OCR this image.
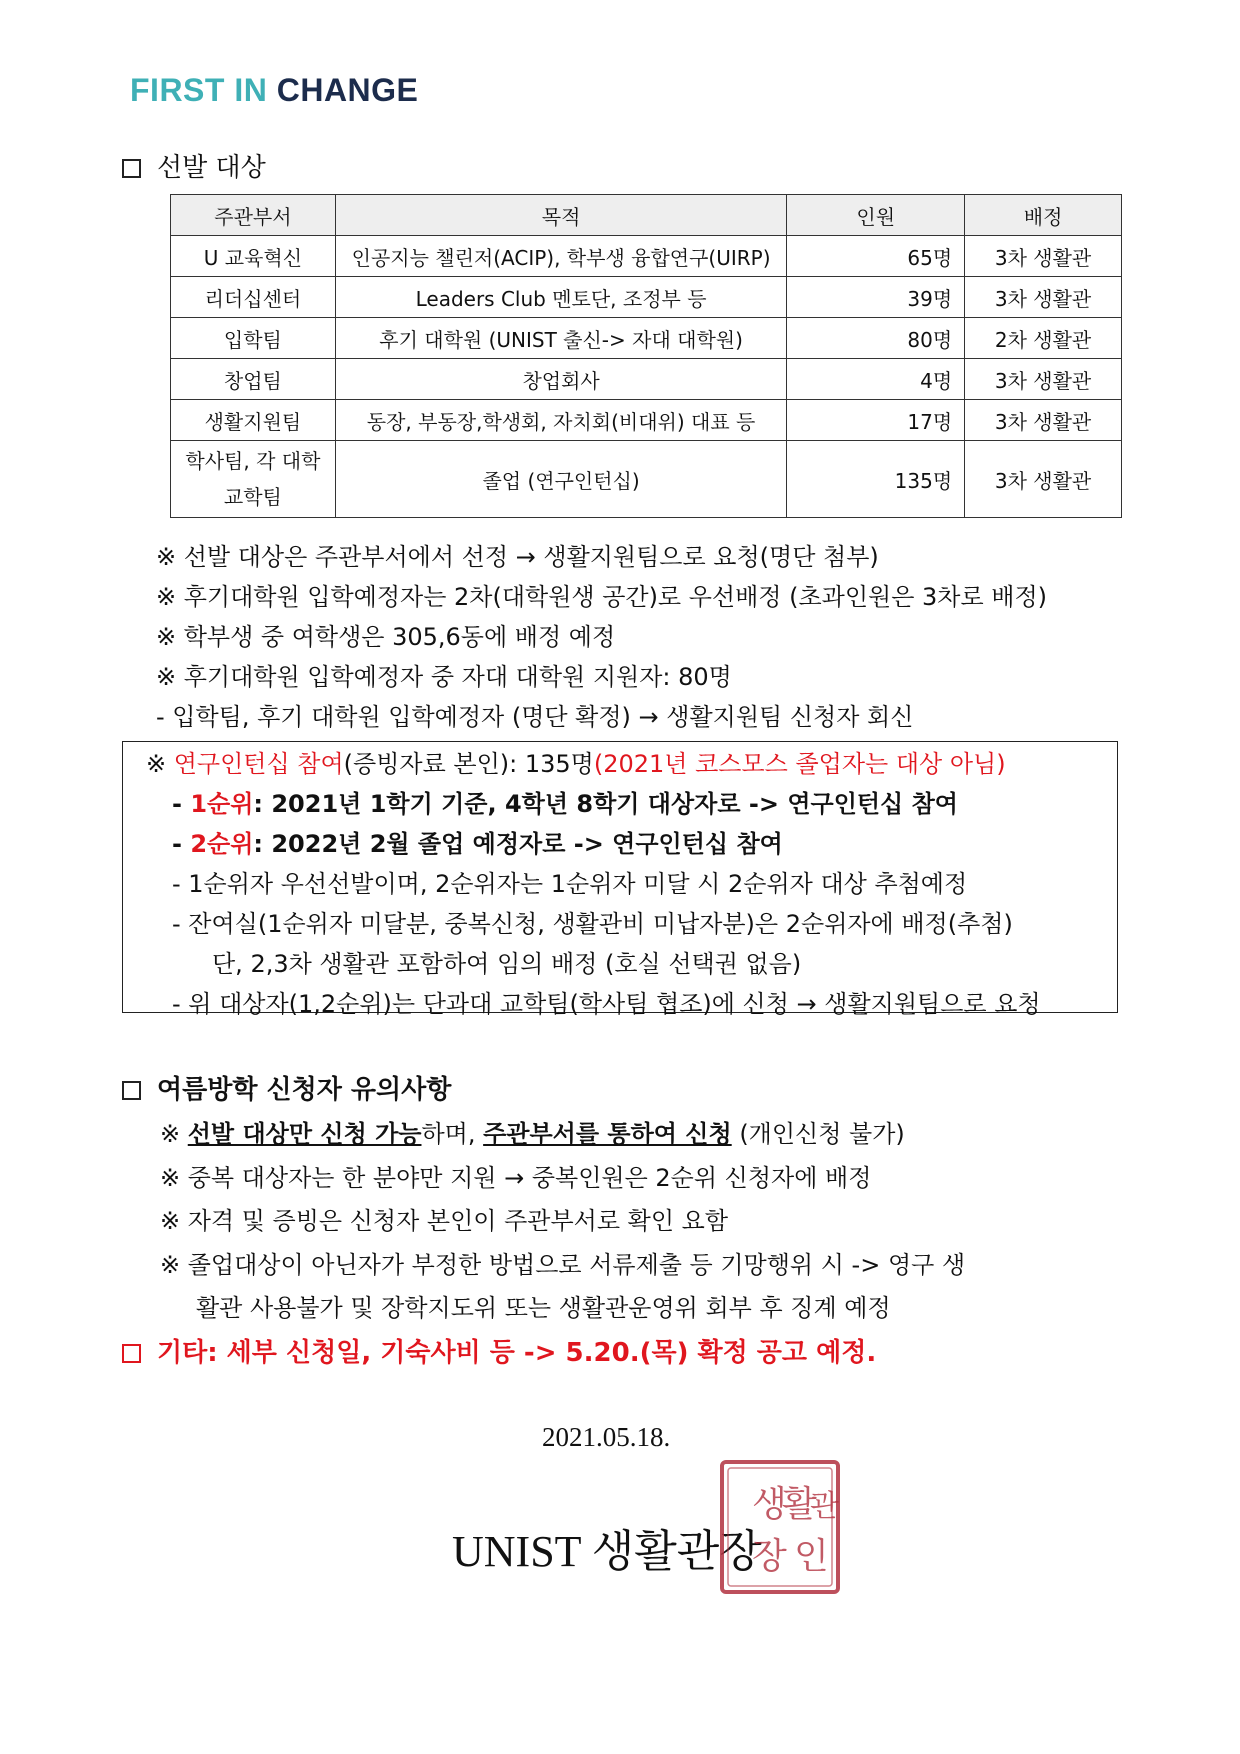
FIRST IN CHANGE
선발 대상
주관부서	목적	인원	배정
U 교육혁신	인공지능 챌린저(ACIP), 학부생 융합연구(UIRP)	65명	3차 생활관
리더십센터	Leaders Club 멘토단, 조정부 등	39명	3차 생활관
입학팀	후기 대학원 (UNIST 출신-> 자대 대학원)	80명	2차 생활관
창업팀	창업회사	4명	3차 생활관
생활지원팀	동장, 부동장,학생회, 자치회(비대위) 대표 등	17명	3차 생활관
학사팀, 각 대학
교학팀	졸업 (연구인턴십)	135명	3차 생활관
※ 선발 대상은 주관부서에서 선정 → 생활지원팀으로 요청(명단 첨부)
※ 후기대학원 입학예정자는 2차(대학원생 공간)로 우선배정 (초과인원은 3차로 배정)
※ 학부생 중 여학생은 305,6동에 배정 예정
※ 후기대학원 입학예정자 중 자대 대학원 지원자: 80명
- 입학팀, 후기 대학원 입학예정자 (명단 확정) → 생활지원팀 신청자 회신
※ 연구인턴십 참여(증빙자료 본인): 135명(2021년 코스모스 졸업자는 대상 아님)
- 1순위: 2021년 1학기 기준, 4학년 8학기 대상자로 -> 연구인턴십 참여
- 2순위: 2022년 2월 졸업 예정자로 -> 연구인턴십 참여
- 1순위자 우선선발이며, 2순위자는 1순위자 미달 시 2순위자 대상 추첨예정
- 잔여실(1순위자 미달분, 중복신청, 생활관비 미납자분)은 2순위자에 배정(추첨)
단, 2,3차 생활관 포함하여 임의 배정 (호실 선택권 없음)
- 위 대상자(1,2순위)는 단과대 교학팀(학사팀 협조)에 신청 → 생활지원팀으로 요청
여름방학 신청자 유의사항
※ 선발 대상만 신청 가능하며, 주관부서를 통하여 신청 (개인신청 불가)
※ 중복 대상자는 한 분야만 지원 → 중복인원은 2순위 신청자에 배정
※ 자격 및 증빙은 신청자 본인이 주관부서로 확인 요함
※ 졸업대상이 아닌자가 부정한 방법으로 서류제출 등 기망행위 시 -> 영구 생
활관 사용불가 및 장학지도위 또는 생활관운영위 회부 후 징계 예정
기타: 세부 신청일, 기숙사비 등 -> 5.20.(목) 확정 공고 예정.
2021.05.18.
UNIST 생활관장
생
활
관
장 인
